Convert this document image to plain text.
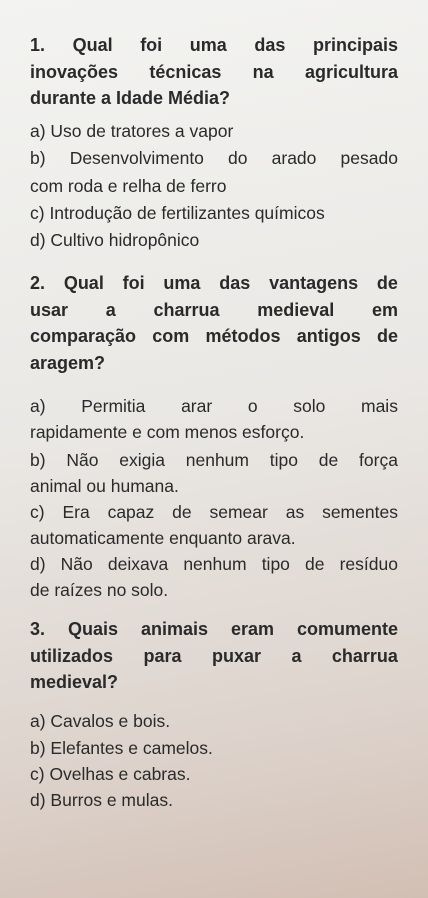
1. Qual foi uma das principais
inovações técnicas na agricultura
durante a Idade Média?
a) Uso de tratores a vapor
b) Desenvolvimento do arado pesado
com roda e relha de ferro
c) Introdução de fertilizantes químicos
d) Cultivo hidropônico
2. Qual foi uma das vantagens de
usar a charrua medieval em
comparação com métodos antigos de
aragem?
a) Permitia arar o solo mais
rapidamente e com menos esforço.
b) Não exigia nenhum tipo de força
animal ou humana.
c) Era capaz de semear as sementes
automaticamente enquanto arava.
d) Não deixava nenhum tipo de resíduo
de raízes no solo.
3. Quais animais eram comumente
utilizados para puxar a charrua
medieval?
a) Cavalos e bois.
b) Elefantes e camelos.
c) Ovelhas e cabras.
d) Burros e mulas.
